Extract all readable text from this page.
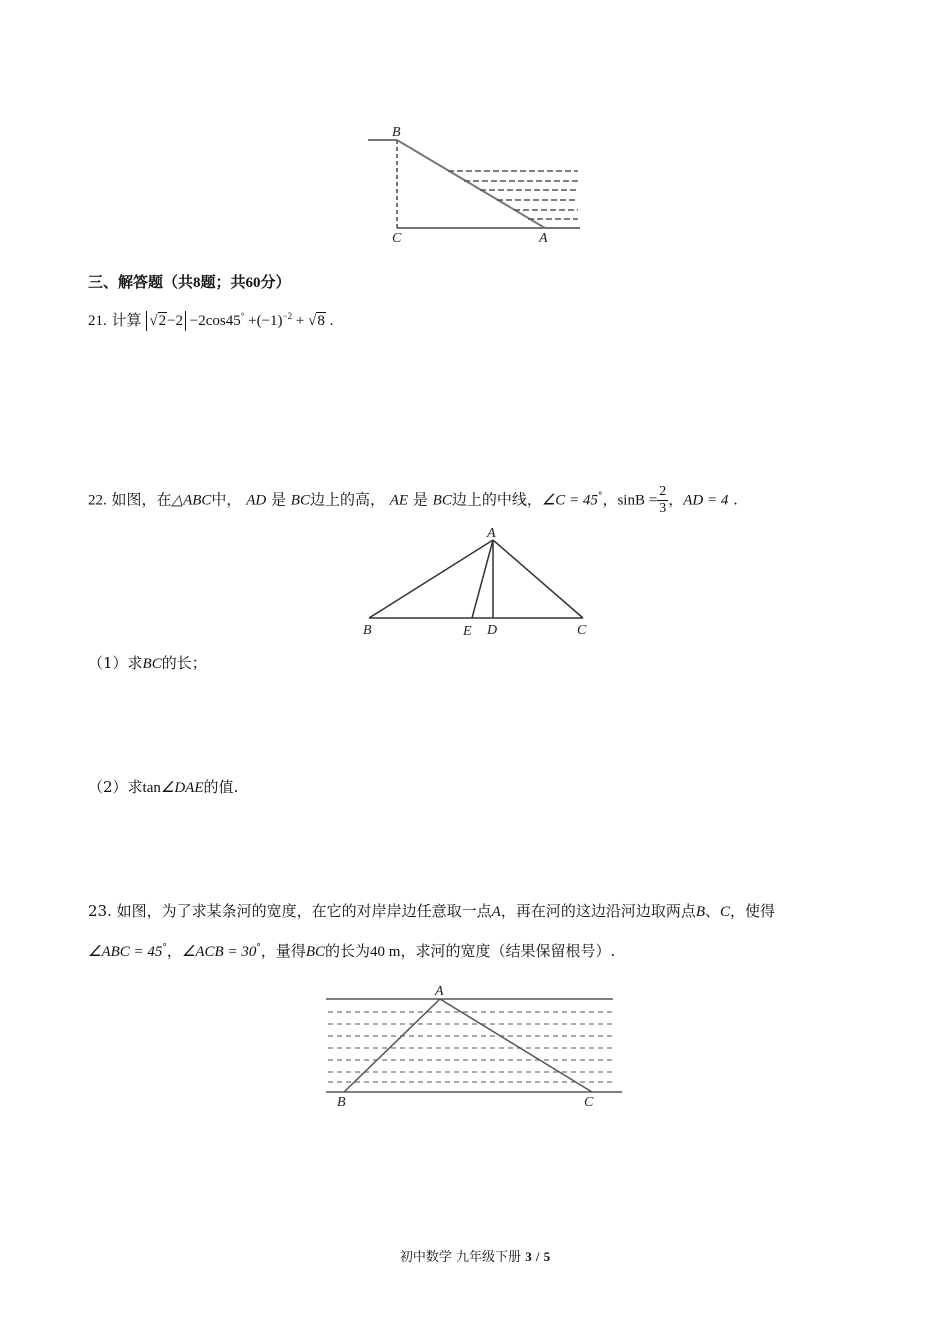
B
C	A
三、解答题（共8题；共60分）
21. 计算 $√2-2 -2\cos 45^\circ +(-1)^{-2} + √8$ .
22. 如图，在△ABC中， AD 是 BC边上的高， AE 是 BC边上的中线，∠C = 45°，$\sin B = \frac{2}{3}$ ，AD = 4 .
A
B	E D	C
（1）求BC的长；
（2）求tan∠DAE的值.
23. 如图，为了求某条河的宽度，在它的对岸岸边任意取一点A，再在河的这边沿河边取两点B、C，使得
∠ABC = 45°，∠ACB = 30°，量得BC的长为40 m，求河的宽度（结果保留根号）.
A
B	C
初中数学 九年级下册 3 / 5
